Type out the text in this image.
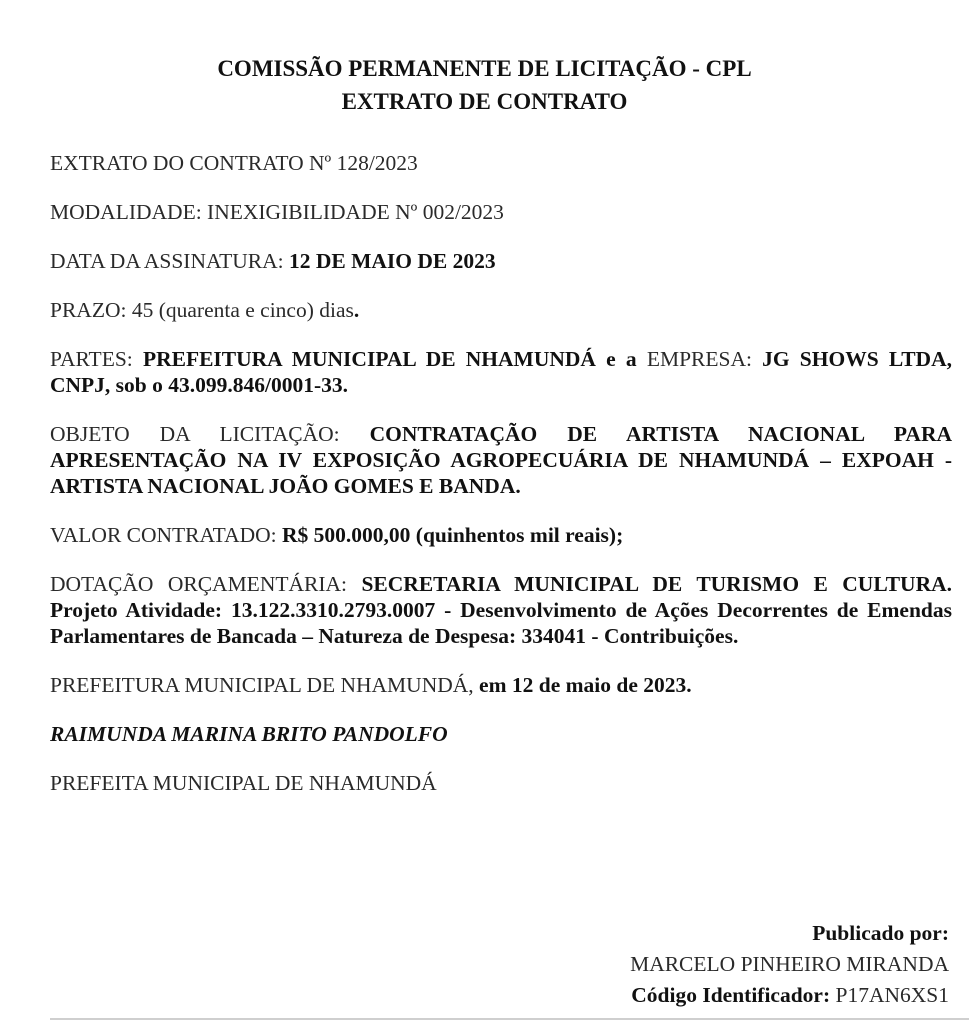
COMISSÃO PERMANENTE DE LICITAÇÃO - CPL
EXTRATO DE CONTRATO

EXTRATO DO CONTRATO Nº 128/2023

MODALIDADE: INEXIGIBILIDADE Nº 002/2023

DATA DA ASSINATURA: 12 DE MAIO DE 2023

PRAZO: 45 (quarenta e cinco) dias.

PARTES: PREFEITURA MUNICIPAL DE NHAMUNDÁ e a EMPRESA: JG SHOWS LTDA, CNPJ, sob o 43.099.846/0001-33.

OBJETO DA LICITAÇÃO: CONTRATAÇÃO DE ARTISTA NACIONAL PARA APRESENTAÇÃO NA IV EXPOSIÇÃO AGROPECUÁRIA DE NHAMUNDÁ – EXPOAH - ARTISTA NACIONAL JOÃO GOMES E BANDA.

VALOR CONTRATADO: R$ 500.000,00 (quinhentos mil reais);

DOTAÇÃO ORÇAMENTÁRIA: SECRETARIA MUNICIPAL DE TURISMO E CULTURA. Projeto Atividade: 13.122.3310.2793.0007 - Desenvolvimento de Ações Decorrentes de Emendas Parlamentares de Bancada – Natureza de Despesa: 334041 - Contribuições.

PREFEITURA MUNICIPAL DE NHAMUNDÁ, em 12 de maio de 2023.

RAIMUNDA MARINA BRITO PANDOLFO

PREFEITA MUNICIPAL DE NHAMUNDÁ

Publicado por:
MARCELO PINHEIRO MIRANDA
Código Identificador: P17AN6XS1
